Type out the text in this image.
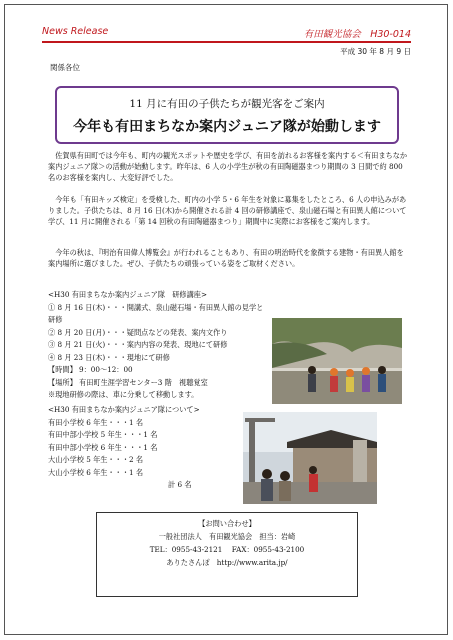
News Release	有田観光協会　H30-014
平成 30 年 8 月 9 日
関係各位
11 月に有田の子供たちが観光客をご案内
今年も有田まちなか案内ジュニア隊が始動します

佐賀県有田町では今年も、町内の観光スポットや歴史を学び、有田を訪れるお客様を案内する＜有田まちなか案内ジュニア隊＞の活動が始動します。昨年は、6 人の小学生が秋の有田陶磁器まつり期間の 3 日間で約 800 名のお客様を案内し、大変好評でした。

今年も「有田キッズ検定」を受検した、町内の小学 5・6 年生を対象に募集をしたところ、6 人の申込みがありました。子供たちは、8 月 16 日(木)から開催される計 4 回の研修講座で、泉山磁石場と有田異人館について学び、11 月に開催される「第 14 回秋の有田陶磁器まつり」期間中に実際にお客様をご案内します。

今年の秋は、『明治有田偉人博覧会』が行われることもあり、有田の明治時代を象徴する建物・有田異人館を案内場所に選びました。ぜひ、子供たちの頑張っている姿をご取材ください。

<H30 有田まちなか案内ジュニア隊　研修講座>
① 8 月 16 日(木)・・・開講式、泉山磁石場・有田異人館の見学と研修
② 8 月 20 日(月)・・・疑問点などの発表、案内文作り
③ 8 月 21 日(火)・・・案内内容の発表、現地にて研修
④ 8 月 23 日(木)・・・現地にて研修
【時間】 9：00～12：00
【場所】 有田町生涯学習センター3 階　視聴覚室
※現地研修の際は、車に分乗して移動します。
<H30 有田まちなか案内ジュニア隊について>
有田小学校 6 年生・・・1 名
有田中部小学校 5 年生・・・1 名
有田中部小学校 6 年生・・・1 名
大山小学校 5 年生・・・2 名
大山小学校 6 年生・・・1 名
計 6 名
【お問い合わせ】
一般社団法人　有田観光協会　担当：岩崎
TEL：0955-43-2121　 FAX：0955-43-2100
ありたさんぽ　http://www.arita.jp/
